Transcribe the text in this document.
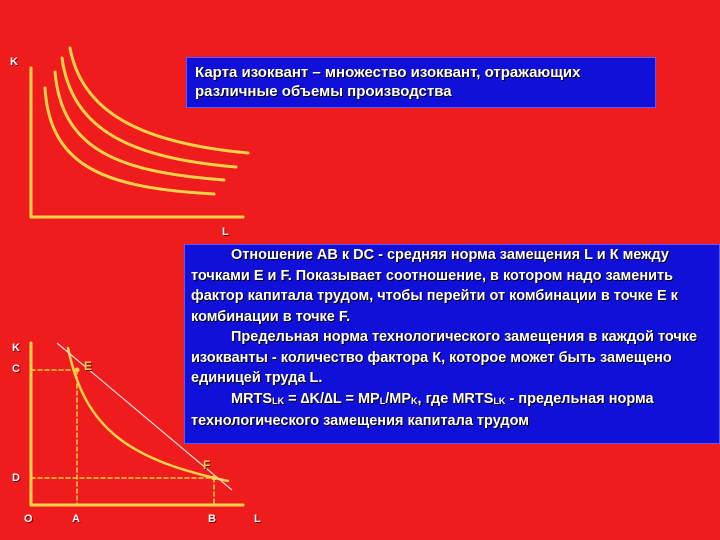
K
L
K
C
D
O	A	B	L
E
F
Карта изоквант – множество изоквант, отражающих различные объемы производства

Отношение АВ к DC - средняя норма замещения L и К между точками Е и F. Показывает соотношение, в котором надо заменить фактор капитала трудом, чтобы перейти от комбинации в точке Е к комбинации в точке F.

Предельная норма технологического замещения в каждой точке изокванты - количество фактора К, которое может быть замещено единицей труда L.

$MRTS_{LK} = \Delta K/\Delta L = MP_L/MP_K$, где $MRTS_{LK}$ - предельная норма технологического замещения капитала трудом
